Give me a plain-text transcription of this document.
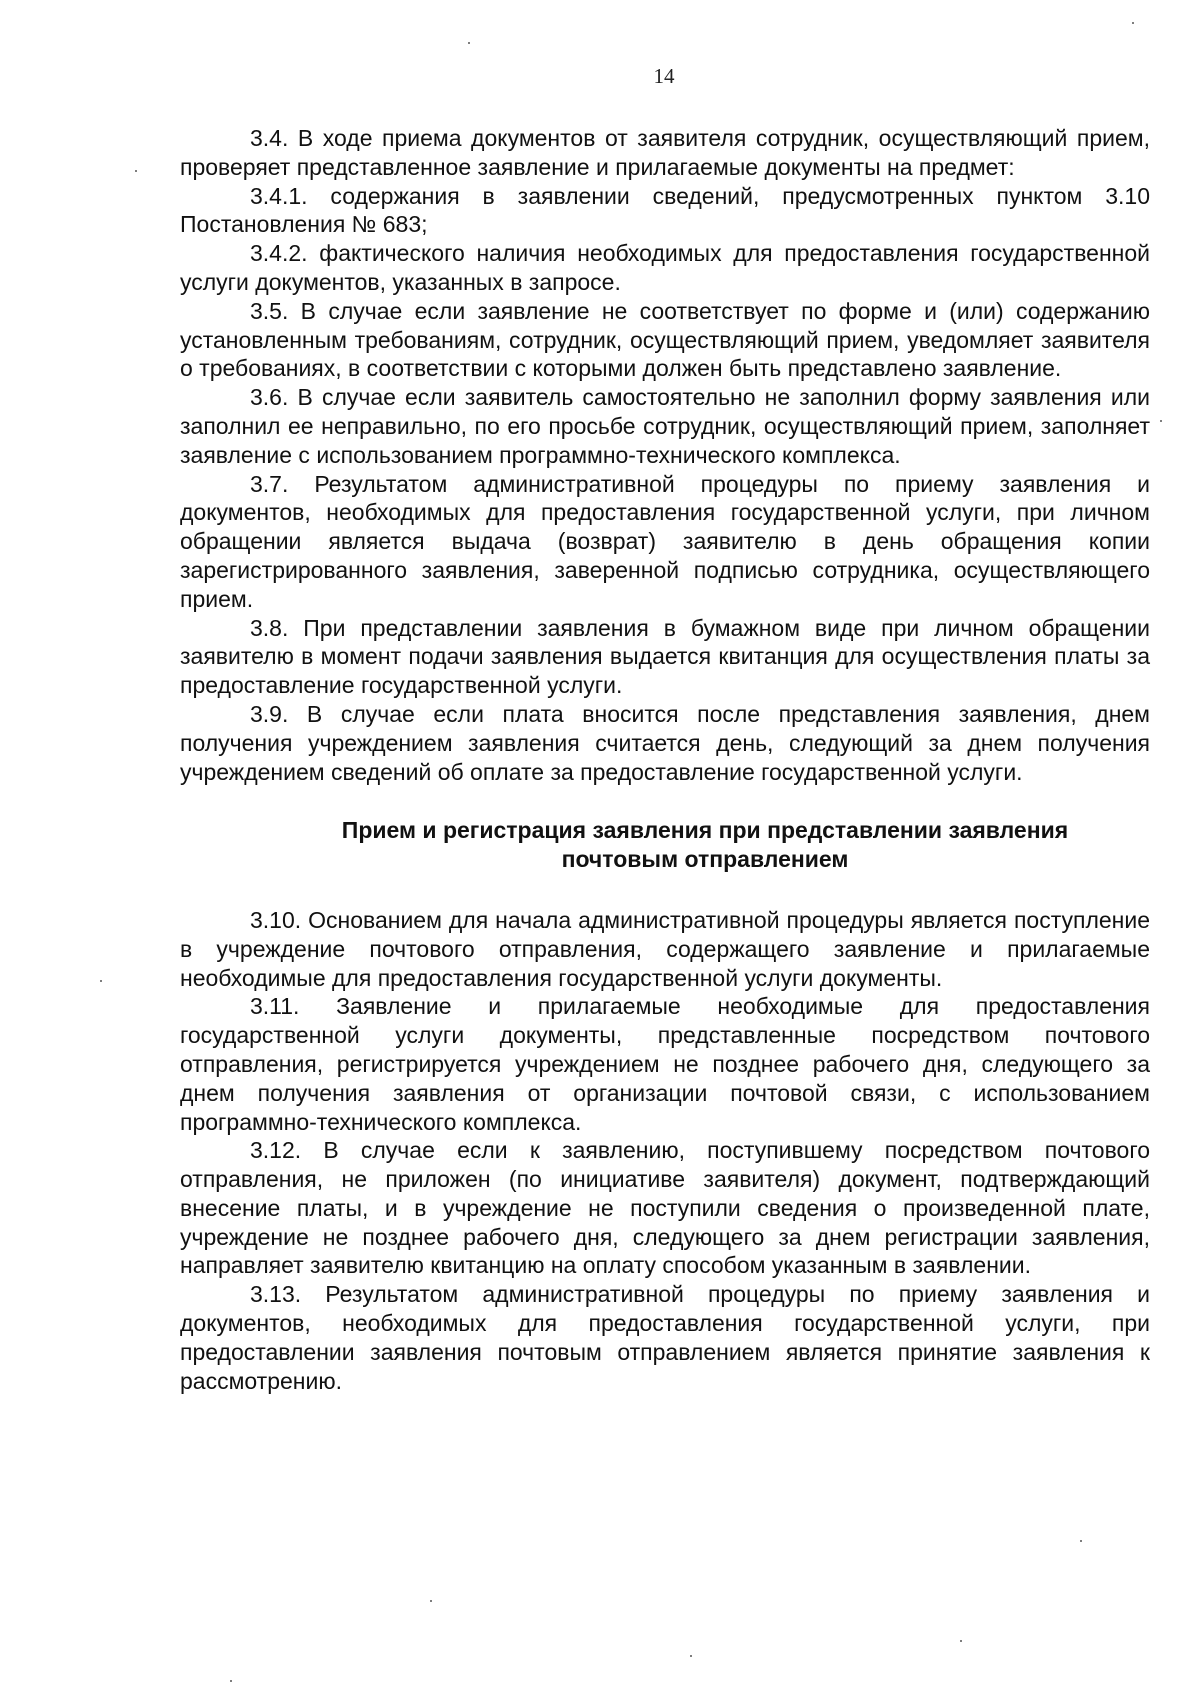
14

3.4. В ходе приема документов от заявителя сотрудник, осуществляющий прием, проверяет представленное заявление и прилагаемые документы на предмет:

3.4.1. содержания в заявлении сведений, предусмотренных пунктом 3.10 Постановления № 683;

3.4.2. фактического наличия необходимых для предоставления государственной услуги документов, указанных в запросе.

3.5. В случае если заявление не соответствует по форме и (или) содержанию установленным требованиям, сотрудник, осуществляющий прием, уведомляет заявителя о требованиях, в соответствии с которыми должен быть представлено заявление.

3.6. В случае если заявитель самостоятельно не заполнил форму заявления или заполнил ее неправильно, по его просьбе сотрудник, осуществляющий прием, заполняет заявление с использованием программно-технического комплекса.

3.7. Результатом административной процедуры по приему заявления и документов, необходимых для предоставления государственной услуги, при личном обращении является выдача (возврат) заявителю в день обращения копии зарегистрированного заявления, заверенной подписью сотрудника, осуществляющего прием.

3.8. При представлении заявления в бумажном виде при личном обращении заявителю в момент подачи заявления выдается квитанция для осуществления платы за предоставление государственной услуги.

3.9. В случае если плата вносится после представления заявления, днем получения учреждением заявления считается день, следующий за днем получения учреждением сведений об оплате за предоставление государственной услуги.

Прием и регистрация заявления при представлении заявления почтовым отправлением

3.10. Основанием для начала административной процедуры является поступление в учреждение почтового отправления, содержащего заявление и прилагаемые необходимые для предоставления государственной услуги документы.

3.11. Заявление и прилагаемые необходимые для предоставления государственной услуги документы, представленные посредством почтового отправления, регистрируется учреждением не позднее рабочего дня, следующего за днем получения заявления от организации почтовой связи, с использованием программно-технического комплекса.

3.12. В случае если к заявлению, поступившему посредством почтового отправления, не приложен (по инициативе заявителя) документ, подтверждающий внесение платы, и в учреждение не поступили сведения о произведенной плате, учреждение не позднее рабочего дня, следующего за днем регистрации заявления, направляет заявителю квитанцию на оплату способом указанным в заявлении.

3.13. Результатом административной процедуры по приему заявления и документов, необходимых для предоставления государственной услуги, при предоставлении заявления почтовым отправлением является принятие заявления к рассмотрению.
